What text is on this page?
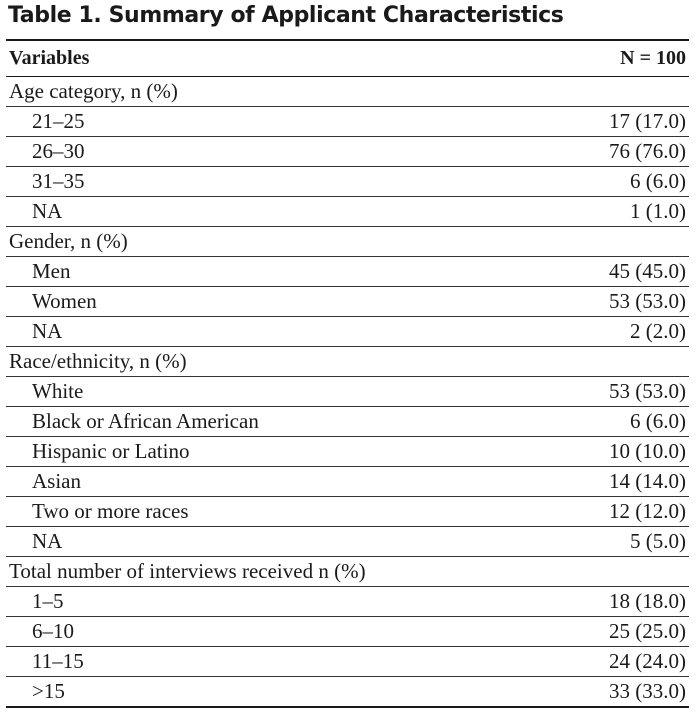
Table 1. Summary of Applicant Characteristics
Variables	N = 100
Age category, n (%)	
21–25	17 (17.0)
26–30	76 (76.0)
31–35	6 (6.0)
NA	1 (1.0)
Gender, n (%)	
Men	45 (45.0)
Women	53 (53.0)
NA	2 (2.0)
Race/ethnicity, n (%)	
White	53 (53.0)
Black or African American	6 (6.0)
Hispanic or Latino	10 (10.0)
Asian	14 (14.0)
Two or more races	12 (12.0)
NA	5 (5.0)
Total number of interviews received n (%)	
1–5	18 (18.0)
6–10	25 (25.0)
11–15	24 (24.0)
>15	33 (33.0)
